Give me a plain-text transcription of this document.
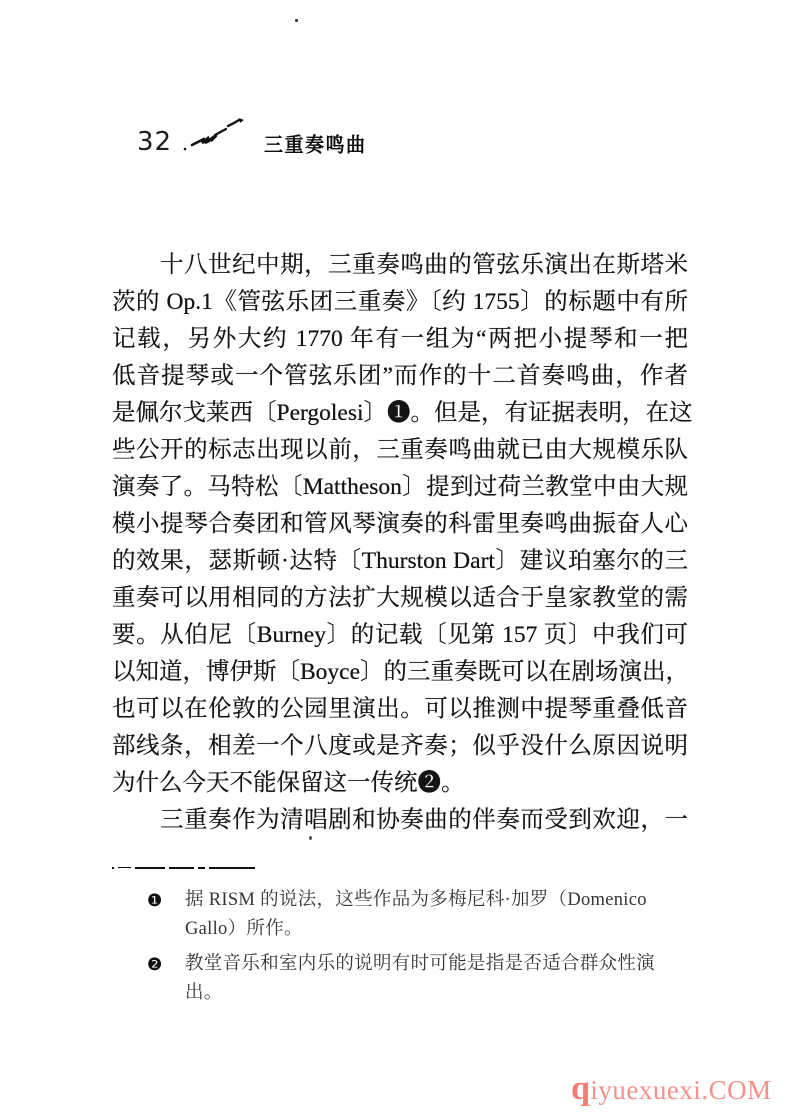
32	三重奏鸣曲
十八世纪中期，三重奏鸣曲的管弦乐演出在斯塔米
茨的 Op.1《管弦乐团三重奏》〔约 1755〕的标题中有所
记载，另外大约 1770 年有一组为“两把小提琴和一把
低音提琴或一个管弦乐团”而作的十二首奏鸣曲，作者
是佩尔戈莱西〔Pergolesi〕❶。但是，有证据表明，在这
些公开的标志出现以前，三重奏鸣曲就已由大规模乐队
演奏了。马特松〔Mattheson〕提到过荷兰教堂中由大规
模小提琴合奏团和管风琴演奏的科雷里奏鸣曲振奋人心
的效果，瑟斯顿·达特〔Thurston Dart〕建议珀塞尔的三
重奏可以用相同的方法扩大规模以适合于皇家教堂的需
要。从伯尼〔Burney〕的记载〔见第 157 页〕中我们可
以知道，博伊斯〔Boyce〕的三重奏既可以在剧场演出，
也可以在伦敦的公园里演出。可以推测中提琴重叠低音
部线条，相差一个八度或是齐奏；似乎没什么原因说明
为什么今天不能保留这一传统❷。
三重奏作为清唱剧和协奏曲的伴奏而受到欢迎，一
❶	据 RISM 的说法，这些作品为多梅尼科·加罗（Domenico Gallo）所作。
❷	教堂音乐和室内乐的说明有时可能是指是否适合群众性演出。
qiyuexuexi.COM
